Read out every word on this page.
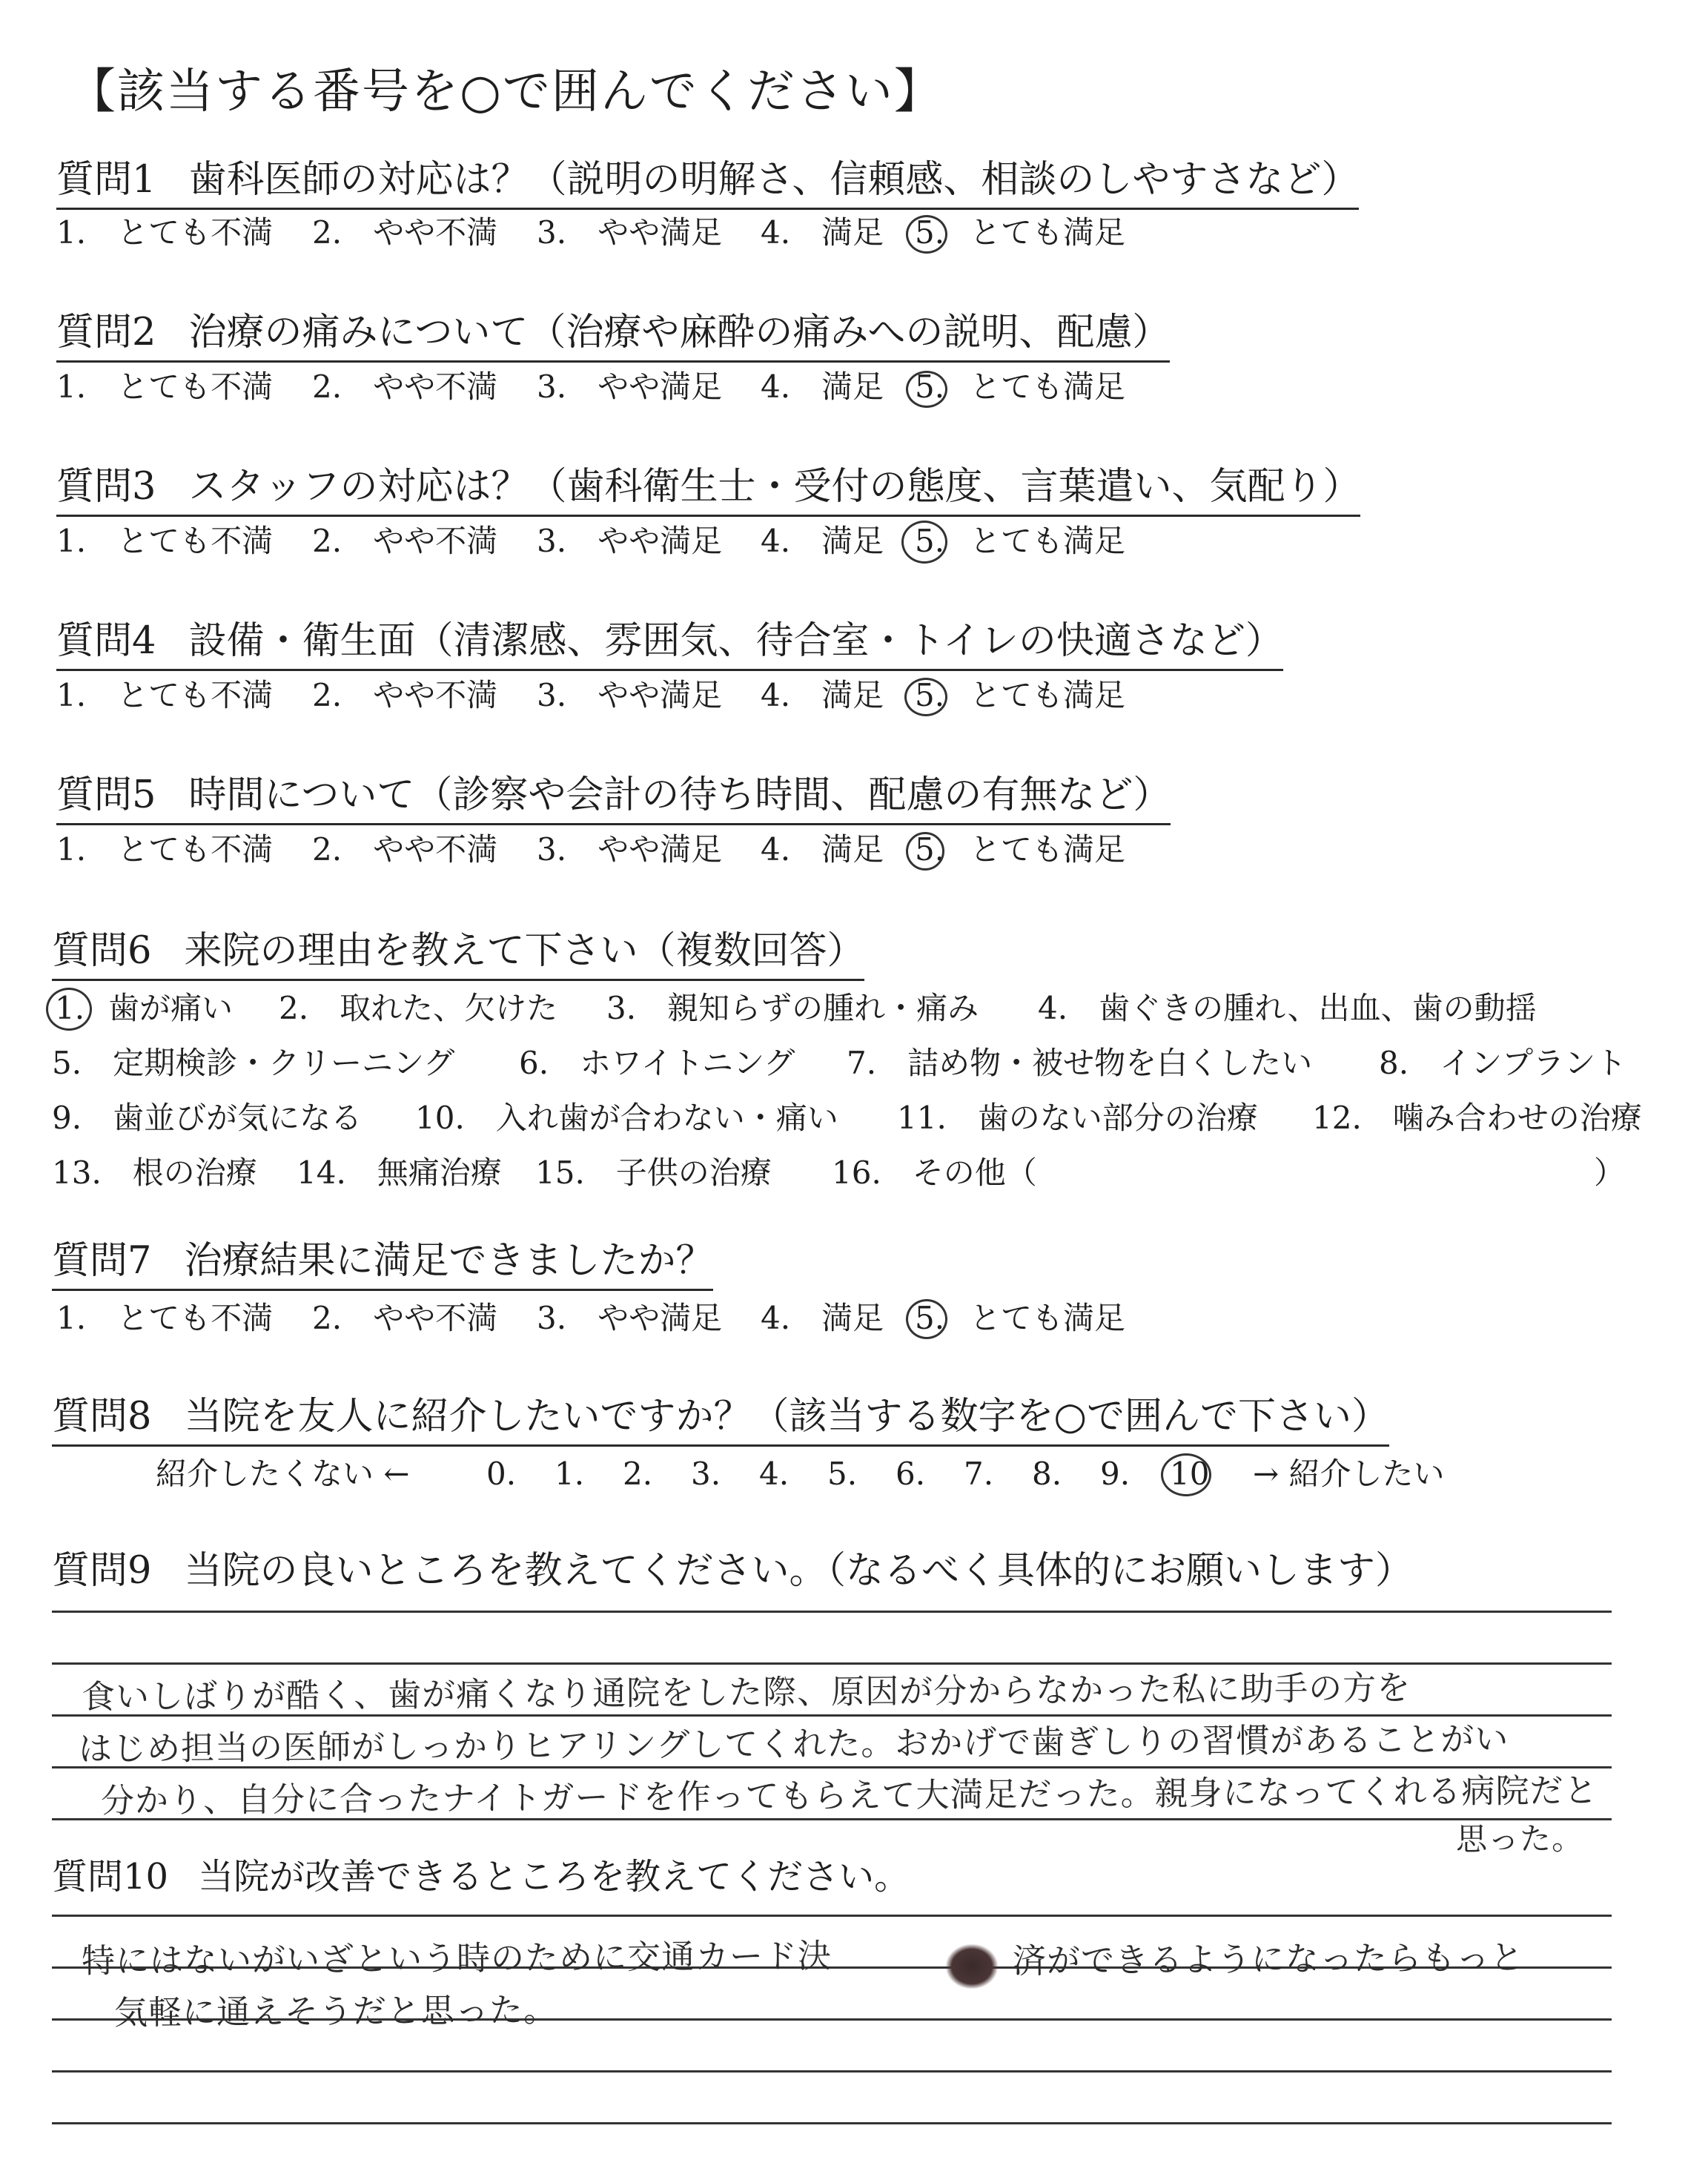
【該当する番号を○で囲んでください】
質問1 歯科医師の対応は？（説明の明解さ、信頼感、相談のしやすさなど）
1.　とても不満 2.　やや不満 3.　やや満足 4.　満足 5. とても満足
質問2 治療の痛みについて（治療や麻酔の痛みへの説明、配慮）
1.　とても不満 2.　やや不満 3.　やや満足 4.　満足 5. とても満足
質問3 スタッフの対応は？（歯科衛生士・受付の態度、言葉遣い、気配り）
1.　とても不満 2.　やや不満 3.　やや満足 4.　満足 5. とても満足
質問4 設備・衛生面（清潔感、雰囲気、待合室・トイレの快適さなど）
1.　とても不満 2.　やや不満 3.　やや満足 4.　満足 5. とても満足
質問5 時間について（診察や会計の待ち時間、配慮の有無など）
1.　とても不満 2.　やや不満 3.　やや満足 4.　満足 5. とても満足
質問6 来院の理由を教えて下さい（複数回答）
1. 歯が痛い 2.　取れた、欠けた 3.　親知らずの腫れ・痛み 4.　歯ぐきの腫れ、出血、歯の動揺
5.　定期検診・クリーニング 6.　ホワイトニング 7.　詰め物・被せ物を白くしたい 8.　インプラント
9.　歯並びが気になる 10.　入れ歯が合わない・痛い 11.　歯のない部分の治療 12.　噛み合わせの治療
13.　根の治療 14.　無痛治療 15.　子供の治療 16.　その他（	）
質問7 治療結果に満足できましたか？
1.　とても不満 2.　やや不満 3.　やや満足 4.　満足 5. とても満足
質問8 当院を友人に紹介したいですか？（該当する数字を○で囲んで下さい）
紹介したくない ← 0. 1. 2. 3. 4. 5. 6. 7. 8. 9. 10 → 紹介したい
質問9 当院の良いところを教えてください。（なるべく具体的にお願いします）
食いしばりが酷く、歯が痛くなり通院をした際、原因が分からなかった私に助手の方を
はじめ担当の医師がしっかりヒアリングしてくれた。おかげで歯ぎしりの習慣があることがい
分かり、自分に合ったナイトガードを作ってもらえて大満足だった。親身になってくれる病院だと
思った。
質問10 当院が改善できるところを教えてください。
特にはないがいざという時のために交通カード決	済ができるようになったらもっと
気軽に通えそうだと思った。
